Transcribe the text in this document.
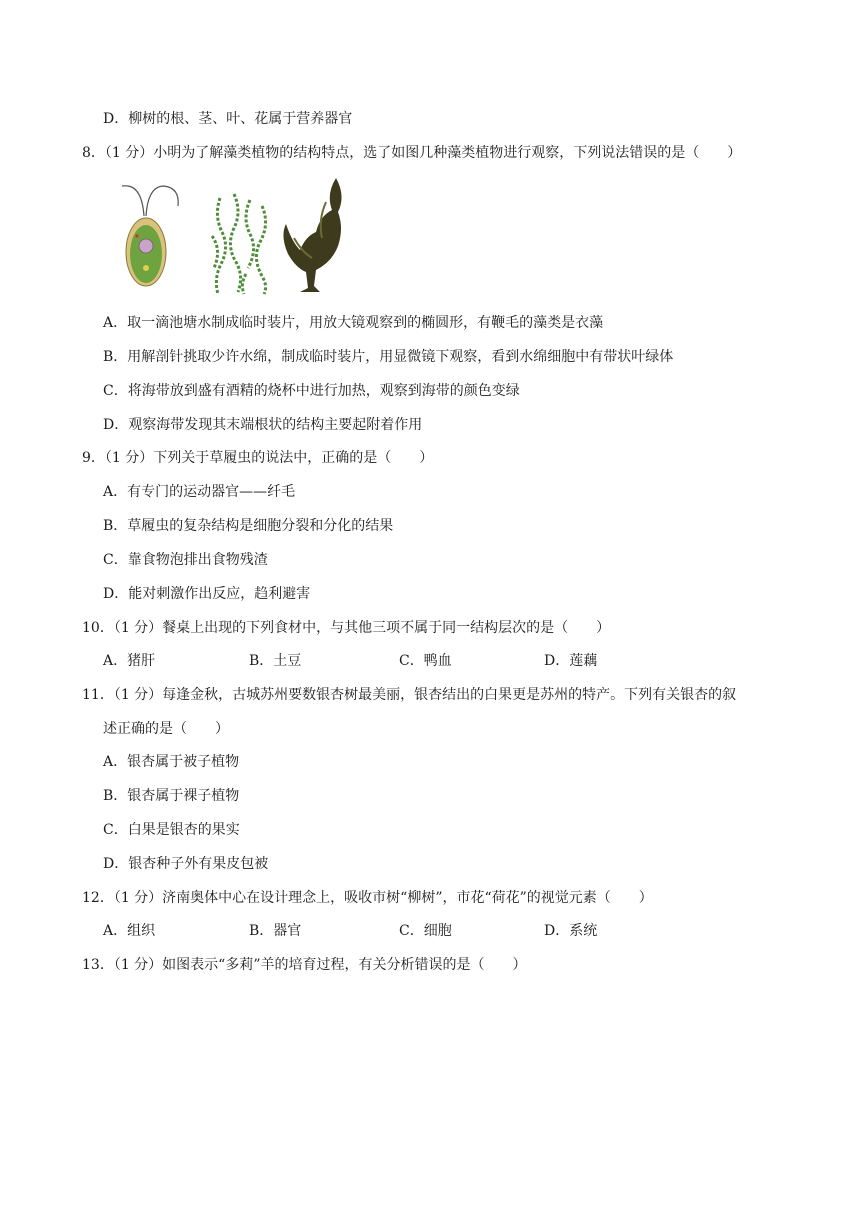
D．柳树的根、茎、叶、花属于营养器官
8．（1 分）小明为了解藻类植物的结构特点，选了如图几种藻类植物进行观察，下列说法错误的是（　　）
A．取一滴池塘水制成临时装片，用放大镜观察到的椭圆形，有鞭毛的藻类是衣藻
B．用解剖针挑取少许水绵，制成临时装片，用显微镜下观察，看到水绵细胞中有带状叶绿体
C．将海带放到盛有酒精的烧杯中进行加热，观察到海带的颜色变绿
D．观察海带发现其末端根状的结构主要起附着作用
9．（1 分）下列关于草履虫的说法中，正确的是（　　）
A．有专门的运动器官——纤毛
B．草履虫的复杂结构是细胞分裂和分化的结果
C．靠食物泡排出食物残渣
D．能对刺激作出反应，趋利避害
10．（1 分）餐桌上出现的下列食材中，与其他三项不属于同一结构层次的是（　　）
A．猪肝	B．土豆	C．鸭血	D．莲藕
11．（1 分）每逢金秋，古城苏州要数银杏树最美丽，银杏结出的白果更是苏州的特产。下列有关银杏的叙
述正确的是（　　）
A．银杏属于被子植物
B．银杏属于裸子植物
C．白果是银杏的果实
D．银杏种子外有果皮包被
12．（1 分）济南奥体中心在设计理念上，吸收市树“柳树”，市花“荷花”的视觉元素（　　）
A．组织	B．器官	C．细胞	D．系统
13．（1 分）如图表示“多莉”羊的培育过程，有关分析错误的是（　　）
